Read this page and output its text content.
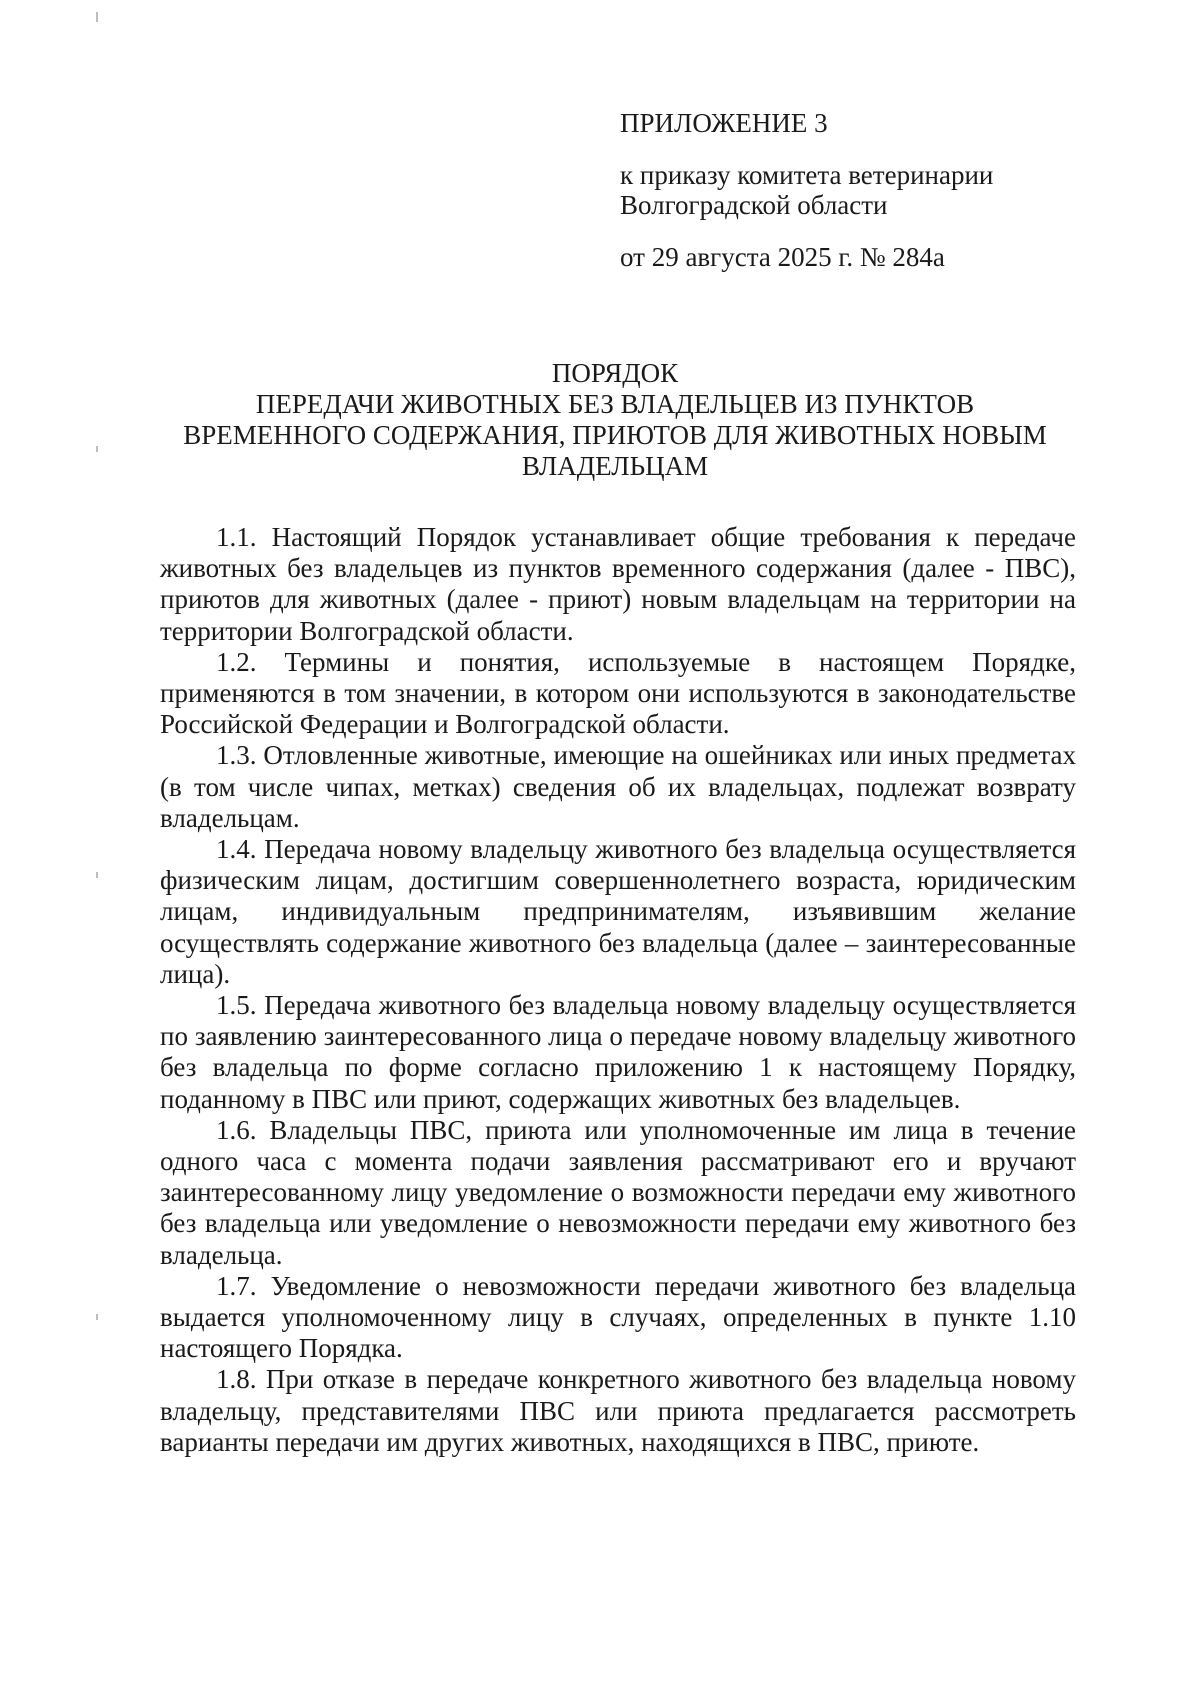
ПРИЛОЖЕНИЕ 3
к приказу комитета ветеринарии
Волгоградской области
от 29 августа 2025 г. № 284а
ПОРЯДОК
ПЕРЕДАЧИ ЖИВОТНЫХ БЕЗ ВЛАДЕЛЬЦЕВ ИЗ ПУНКТОВ
ВРЕМЕННОГО СОДЕРЖАНИЯ, ПРИЮТОВ ДЛЯ ЖИВОТНЫХ НОВЫМ
ВЛАДЕЛЬЦАМ

1.1. Настоящий Порядок устанавливает общие требования к передаче животных без владельцев из пунктов временного содержания (далее - ПВС), приютов для животных (далее - приют) новым владельцам на территории на территории Волгоградской области.

1.2. Термины и понятия, используемые в настоящем Порядке, применяются в том значении, в котором они используются в законодательстве Российской Федерации и Волгоградской области.

1.3. Отловленные животные, имеющие на ошейниках или иных предметах (в том числе чипах, метках) сведения об их владельцах, подлежат возврату владельцам.

1.4. Передача новому владельцу животного без владельца осуществляется физическим лицам, достигшим совершеннолетнего возраста, юридическим лицам, индивидуальным предпринимателям, изъявившим желание осуществлять содержание животного без владельца (далее – заинтересованные лица).

1.5. Передача животного без владельца новому владельцу осуществляется по заявлению заинтересованного лица о передаче новому владельцу животного без владельца по форме согласно приложению 1 к настоящему Порядку, поданному в ПВС или приют, содержащих животных без владельцев.

1.6. Владельцы ПВС, приюта или уполномоченные им лица в течение одного часа с момента подачи заявления рассматривают его и вручают заинтересованному лицу уведомление о возможности передачи ему животного без владельца или уведомление о невозможности передачи ему животного без владельца.

1.7. Уведомление о невозможности передачи животного без владельца выдается уполномоченному лицу в случаях, определенных в пункте 1.10 настоящего Порядка.

1.8. При отказе в передаче конкретного животного без владельца новому владельцу, представителями ПВС или приюта предлагается рассмотреть варианты передачи им других животных, находящихся в ПВС, приюте.
